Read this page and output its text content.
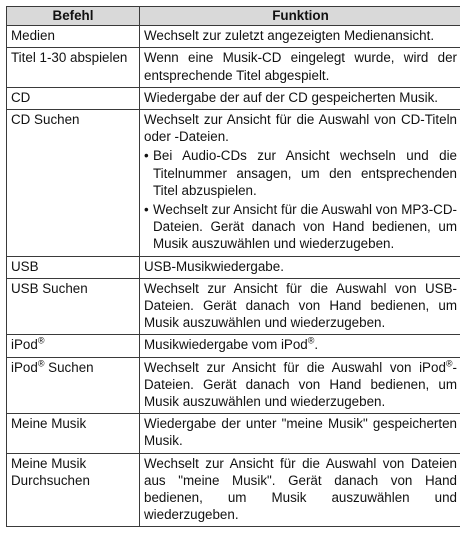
Befehl	Funktion
Medien	Wechselt zur zuletzt angezeigten Medienansicht.
Titel 1-30 abspielen	Wenn eine Musik-CD eingelegt wurde, wird der entsprechende Titel abgespielt.
CD	Wiedergabe der auf der CD gespeicherten Musik.
CD Suchen	Wechselt zur Ansicht für die Auswahl von CD-Titeln oder -Dateien.
• Bei Audio-CDs zur Ansicht wechseln und die Titelnummer ansagen, um den entsprechenden Titel abzuspielen.
• Wechselt zur Ansicht für die Auswahl von MP3-CD-Dateien. Gerät danach von Hand bedienen, um Musik auszuwählen und wiederzugeben.

USB	USB-Musikwiedergabe.
USB Suchen	Wechselt zur Ansicht für die Auswahl von USB-Dateien. Gerät danach von Hand bedienen, um Musik auszuwählen und wiederzugeben.
iPod®	Musikwiedergabe vom iPod®.
iPod® Suchen	Wechselt zur Ansicht für die Auswahl von iPod®-Dateien. Gerät danach von Hand bedienen, um Musik auszuwählen und wiederzugeben.
Meine Musik	Wiedergabe der unter "meine Musik" gespeicherten Musik.
Meine Musik Durchsuchen	Wechselt zur Ansicht für die Auswahl von Dateien aus "meine Musik". Gerät danach von Hand bedienen, um Musik auszuwählen und wiederzugeben.
